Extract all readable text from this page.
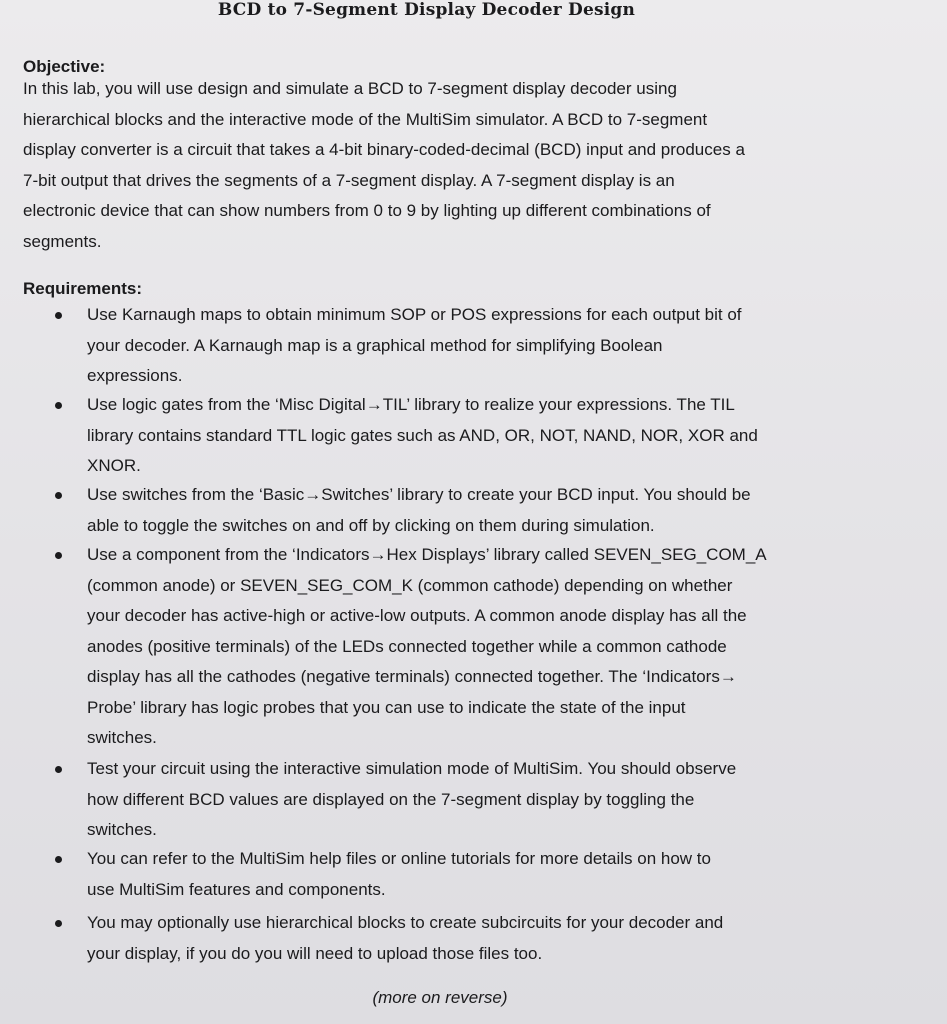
BCD to 7-Segment Display Decoder Design
Objective:

In this lab, you will use design and simulate a BCD to 7-segment display decoder using
hierarchical blocks and the interactive mode of the MultiSim simulator. A BCD to 7-segment
display converter is a circuit that takes a 4-bit binary-coded-decimal (BCD) input and produces a
7-bit output that drives the segments of a 7-segment display. A 7-segment display is an
electronic device that can show numbers from 0 to 9 by lighting up different combinations of
segments.

Requirements:
Use Karnaugh maps to obtain minimum SOP or POS expressions for each output bit of
your decoder. A Karnaugh map is a graphical method for simplifying Boolean
expressions.
Use logic gates from the ‘Misc Digital→TIL’ library to realize your expressions. The TIL
library contains standard TTL logic gates such as AND, OR, NOT, NAND, NOR, XOR and
XNOR.
Use switches from the ‘Basic→Switches’ library to create your BCD input. You should be
able to toggle the switches on and off by clicking on them during simulation.
Use a component from the ‘Indicators→Hex Displays’ library called SEVEN_SEG_COM_A
(common anode) or SEVEN_SEG_COM_K (common cathode) depending on whether
your decoder has active-high or active-low outputs. A common anode display has all the
anodes (positive terminals) of the LEDs connected together while a common cathode
display has all the cathodes (negative terminals) connected together. The ‘Indicators→
Probe’ library has logic probes that you can use to indicate the state of the input
switches.
Test your circuit using the interactive simulation mode of MultiSim. You should observe
how different BCD values are displayed on the 7-segment display by toggling the
switches.
You can refer to the MultiSim help files or online tutorials for more details on how to
use MultiSim features and components.
You may optionally use hierarchical blocks to create subcircuits for your decoder and
your display, if you do you will need to upload those files too.
(more on reverse)
